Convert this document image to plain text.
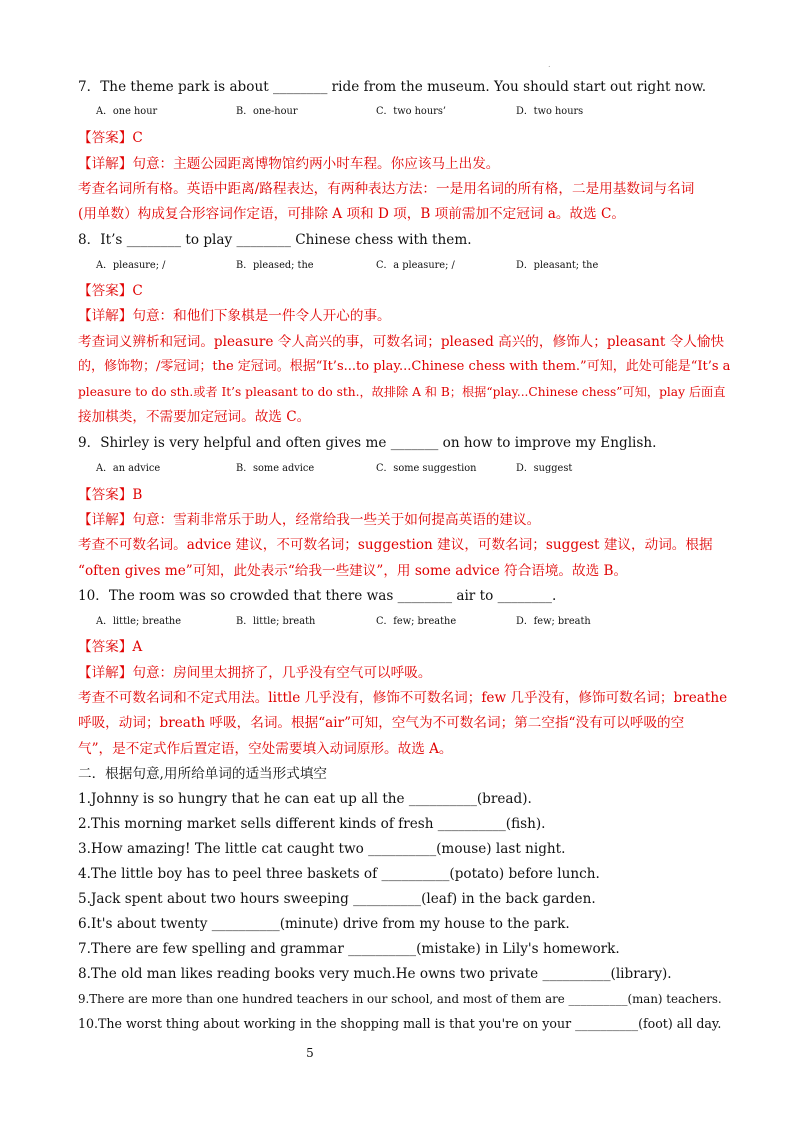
.
7．The theme park is about ________ ride from the museum. You should start out right now.
A．one hour	B．one-hour	C．two hours’	D．two hours
【答案】C
【详解】句意：主题公园距离博物馆约两小时车程。你应该马上出发。
考查名词所有格。英语中距离/路程表达，有两种表达方法：一是用名词的所有格，二是用基数词与名词
(用单数）构成复合形容词作定语，可排除 A 项和 D 项，B 项前需加不定冠词 a。故选 C。
8．It’s ________ to play ________ Chinese chess with them.
A．pleasure; /	B．pleased; the	C．a pleasure; /	D．pleasant; the
【答案】C
【详解】句意：和他们下象棋是一件令人开心的事。
考查词义辨析和冠词。pleasure 令人高兴的事，可数名词；pleased 高兴的，修饰人；pleasant 令人愉快
的，修饰物；/零冠词；the 定冠词。根据“It’s...to play...Chinese chess with them.”可知，此处可能是“It’s a
pleasure to do sth.或者 It’s pleasant to do sth.，故排除 A 和 B；根据“play...Chinese chess”可知，play 后面直
接加棋类，不需要加定冠词。故选 C。
9．Shirley is very helpful and often gives me _______ on how to improve my English.
A．an advice	B．some advice	C．some suggestion	D．suggest
【答案】B
【详解】句意：雪莉非常乐于助人，经常给我一些关于如何提高英语的建议。
考查不可数名词。advice 建议，不可数名词；suggestion 建议，可数名词；suggest 建议，动词。根据
“often gives me”可知，此处表示“给我一些建议”，用 some advice 符合语境。故选 B。
10．The room was so crowded that there was ________ air to ________.
A．little; breathe	B．little; breath	C．few; breathe	D．few; breath
【答案】A
【详解】句意：房间里太拥挤了，几乎没有空气可以呼吸。
考查不可数名词和不定式用法。little 几乎没有，修饰不可数名词；few 几乎没有，修饰可数名词；breathe
呼吸，动词；breath 呼吸，名词。根据“air”可知，空气为不可数名词；第二空指“没有可以呼吸的空
气”，是不定式作后置定语，空处需要填入动词原形。故选 A。
二．根据句意,用所给单词的适当形式填空
1.Johnny is so hungry that he can eat up all the __________(bread).
2.This morning market sells different kinds of fresh __________(fish).
3.How amazing! The little cat caught two __________(mouse) last night.
4.The little boy has to peel three baskets of __________(potato) before lunch.
5.Jack spent about two hours sweeping __________(leaf) in the back garden.
6.It's about twenty __________(minute) drive from my house to the park.
7.There are few spelling and grammar __________(mistake) in Lily's homework.
8.The old man likes reading books very much.He owns two private __________(library).
9.There are more than one hundred teachers in our school, and most of them are __________(man) teachers.
10.The worst thing about working in the shopping mall is that you're on your __________(foot) all day.
5
